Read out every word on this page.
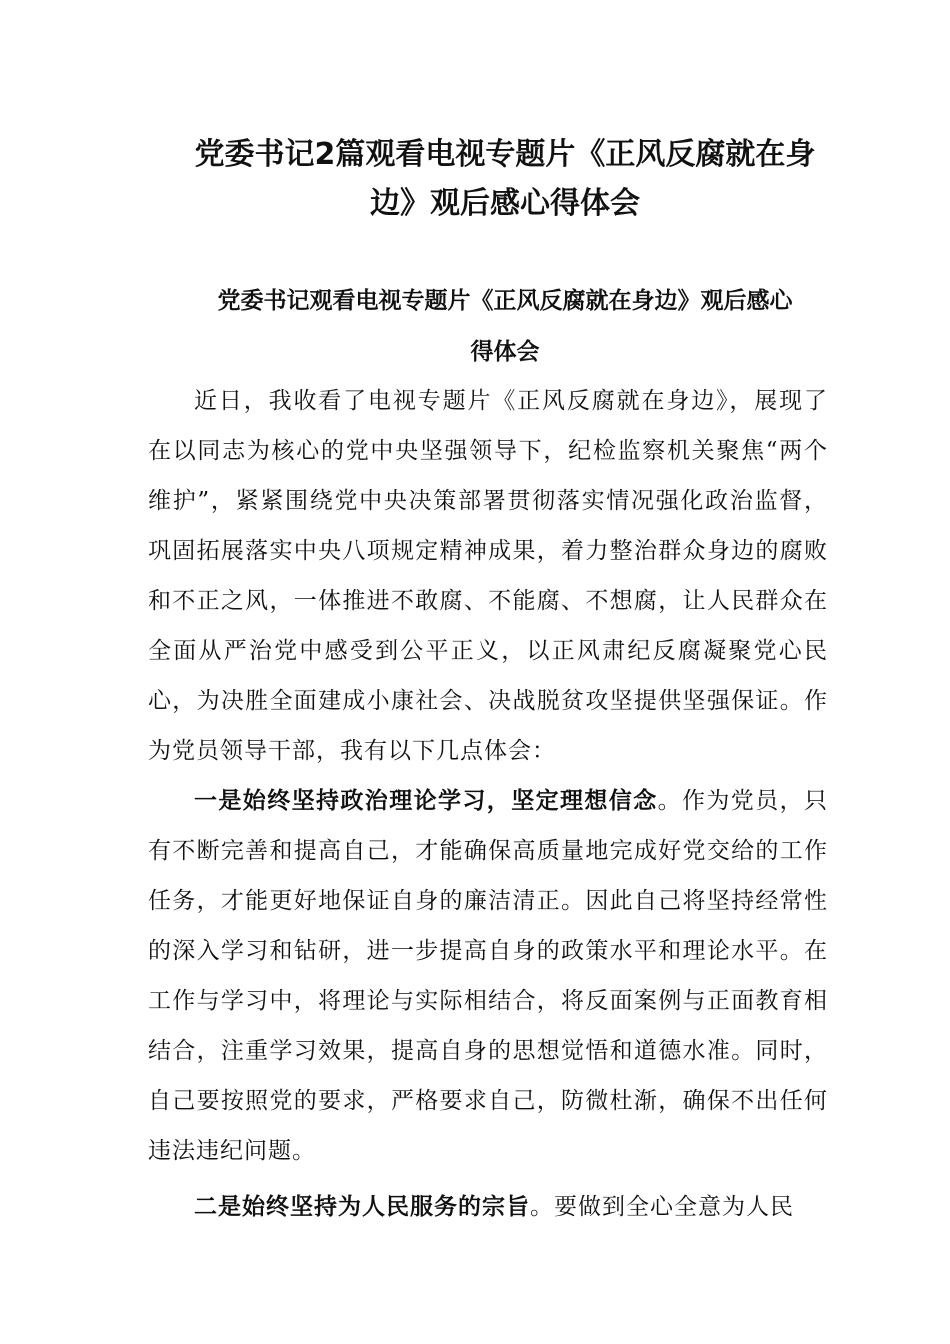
党委书记2篇观看电视专题片《正风反腐就在身
边》观后感心得体会
党委书记观看电视专题片《正风反腐就在身边》观后感心
得体会

近日，我收看了电视专题片《正风反腐就在身边》，展现了在以同志为核心的党中央坚强领导下，纪检监察机关聚焦“两个维护”，紧紧围绕党中央决策部署贯彻落实情况强化政治监督，巩固拓展落实中央八项规定精神成果，着力整治群众身边的腐败和不正之风，一体推进不敢腐、不能腐、不想腐，让人民群众在全面从严治党中感受到公平正义，以正风肃纪反腐凝聚党心民心，为决胜全面建成小康社会、决战脱贫攻坚提供坚强保证。作为党员领导干部，我有以下几点体会：

一是始终坚持政治理论学习，坚定理想信念。作为党员，只有不断完善和提高自己，才能确保高质量地完成好党交给的工作任务，才能更好地保证自身的廉洁清正。因此自己将坚持经常性的深入学习和钻研，进一步提高自身的政策水平和理论水平。在工作与学习中，将理论与实际相结合，将反面案例与正面教育相结合，注重学习效果，提高自身的思想觉悟和道德水准。同时，自己要按照党的要求，严格要求自己，防微杜渐，确保不出任何违法违纪问题。

二是始终坚持为人民服务的宗旨。要做到全心全意为人民
